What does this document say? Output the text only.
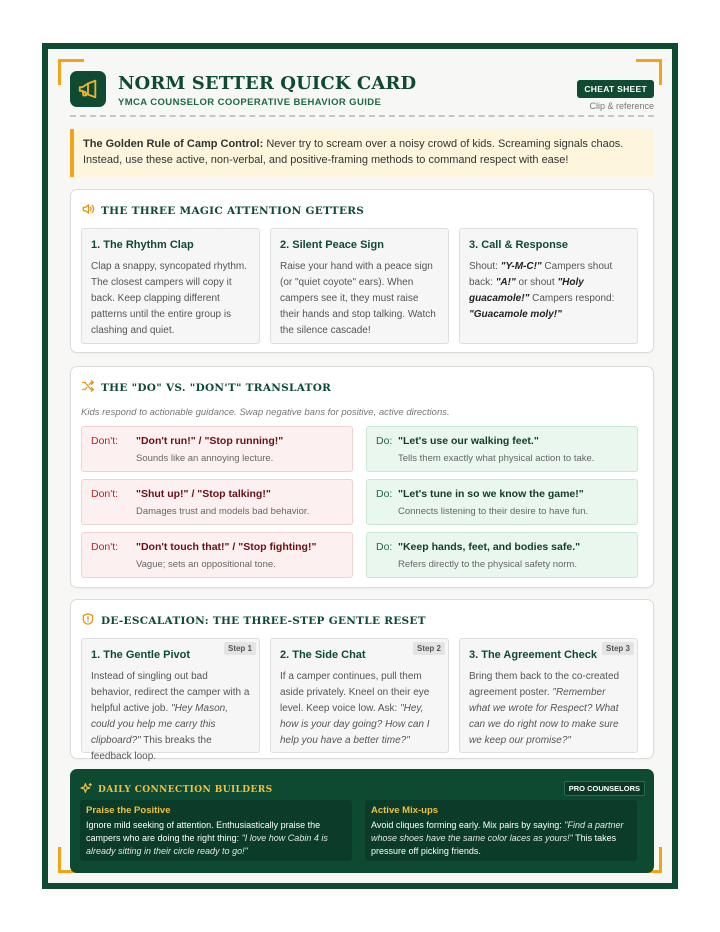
NORM SETTER QUICK CARD
YMCA COUNSELOR COOPERATIVE BEHAVIOR GUIDE
CHEAT SHEET
Clip & reference
The Golden Rule of Camp Control: Never try to scream over a noisy crowd of kids. Screaming signals chaos. Instead, use these active, non-verbal, and positive-framing methods to command respect with ease!
THE THREE MAGIC ATTENTION GETTERS
1. The Rhythm Clap
Clap a snappy, syncopated rhythm. The closest campers will copy it back. Keep clapping different patterns until the entire group is clashing and quiet.
2. Silent Peace Sign
Raise your hand with a peace sign (or "quiet coyote" ears). When campers see it, they must raise their hands and stop talking. Watch the silence cascade!
3. Call & Response
Shout: "Y-M-C!" Campers shout back: "A!" or shout "Holy guacamole!" Campers respond: "Guacamole moly!"
THE "DO" VS. "DON'T" TRANSLATOR
Kids respond to actionable guidance. Swap negative bans for positive, active directions.
Don't: "Don't run!" / "Stop running!"
Sounds like an annoying lecture.
Do: "Let's use our walking feet."
Tells them exactly what physical action to take.
Don't: "Shut up!" / "Stop talking!"
Damages trust and models bad behavior.
Do: "Let's tune in so we know the game!"
Connects listening to their desire to have fun.
Don't: "Don't touch that!" / "Stop fighting!"
Vague; sets an oppositional tone.
Do: "Keep hands, feet, and bodies safe."
Refers directly to the physical safety norm.
DE-ESCALATION: THE THREE-STEP GENTLE RESET
Step 1
1. The Gentle Pivot
Instead of singling out bad behavior, redirect the camper with a helpful active job. "Hey Mason, could you help me carry this clipboard?" This breaks the feedback loop.
Step 2
2. The Side Chat
If a camper continues, pull them aside privately. Kneel on their eye level. Keep voice low. Ask: "Hey, how is your day going? How can I help you have a better time?"
Step 3
3. The Agreement Check
Bring them back to the co-created agreement poster. "Remember what we wrote for Respect? What can we do right now to make sure we keep our promise?"
DAILY CONNECTION BUILDERS	PRO COUNSELORS
Praise the Positive
Ignore mild seeking of attention. Enthusiastically praise the campers who are doing the right thing: "I love how Cabin 4 is already sitting in their circle ready to go!"
Active Mix-ups
Avoid cliques forming early. Mix pairs by saying: "Find a partner whose shoes have the same color laces as yours!" This takes pressure off picking friends.
